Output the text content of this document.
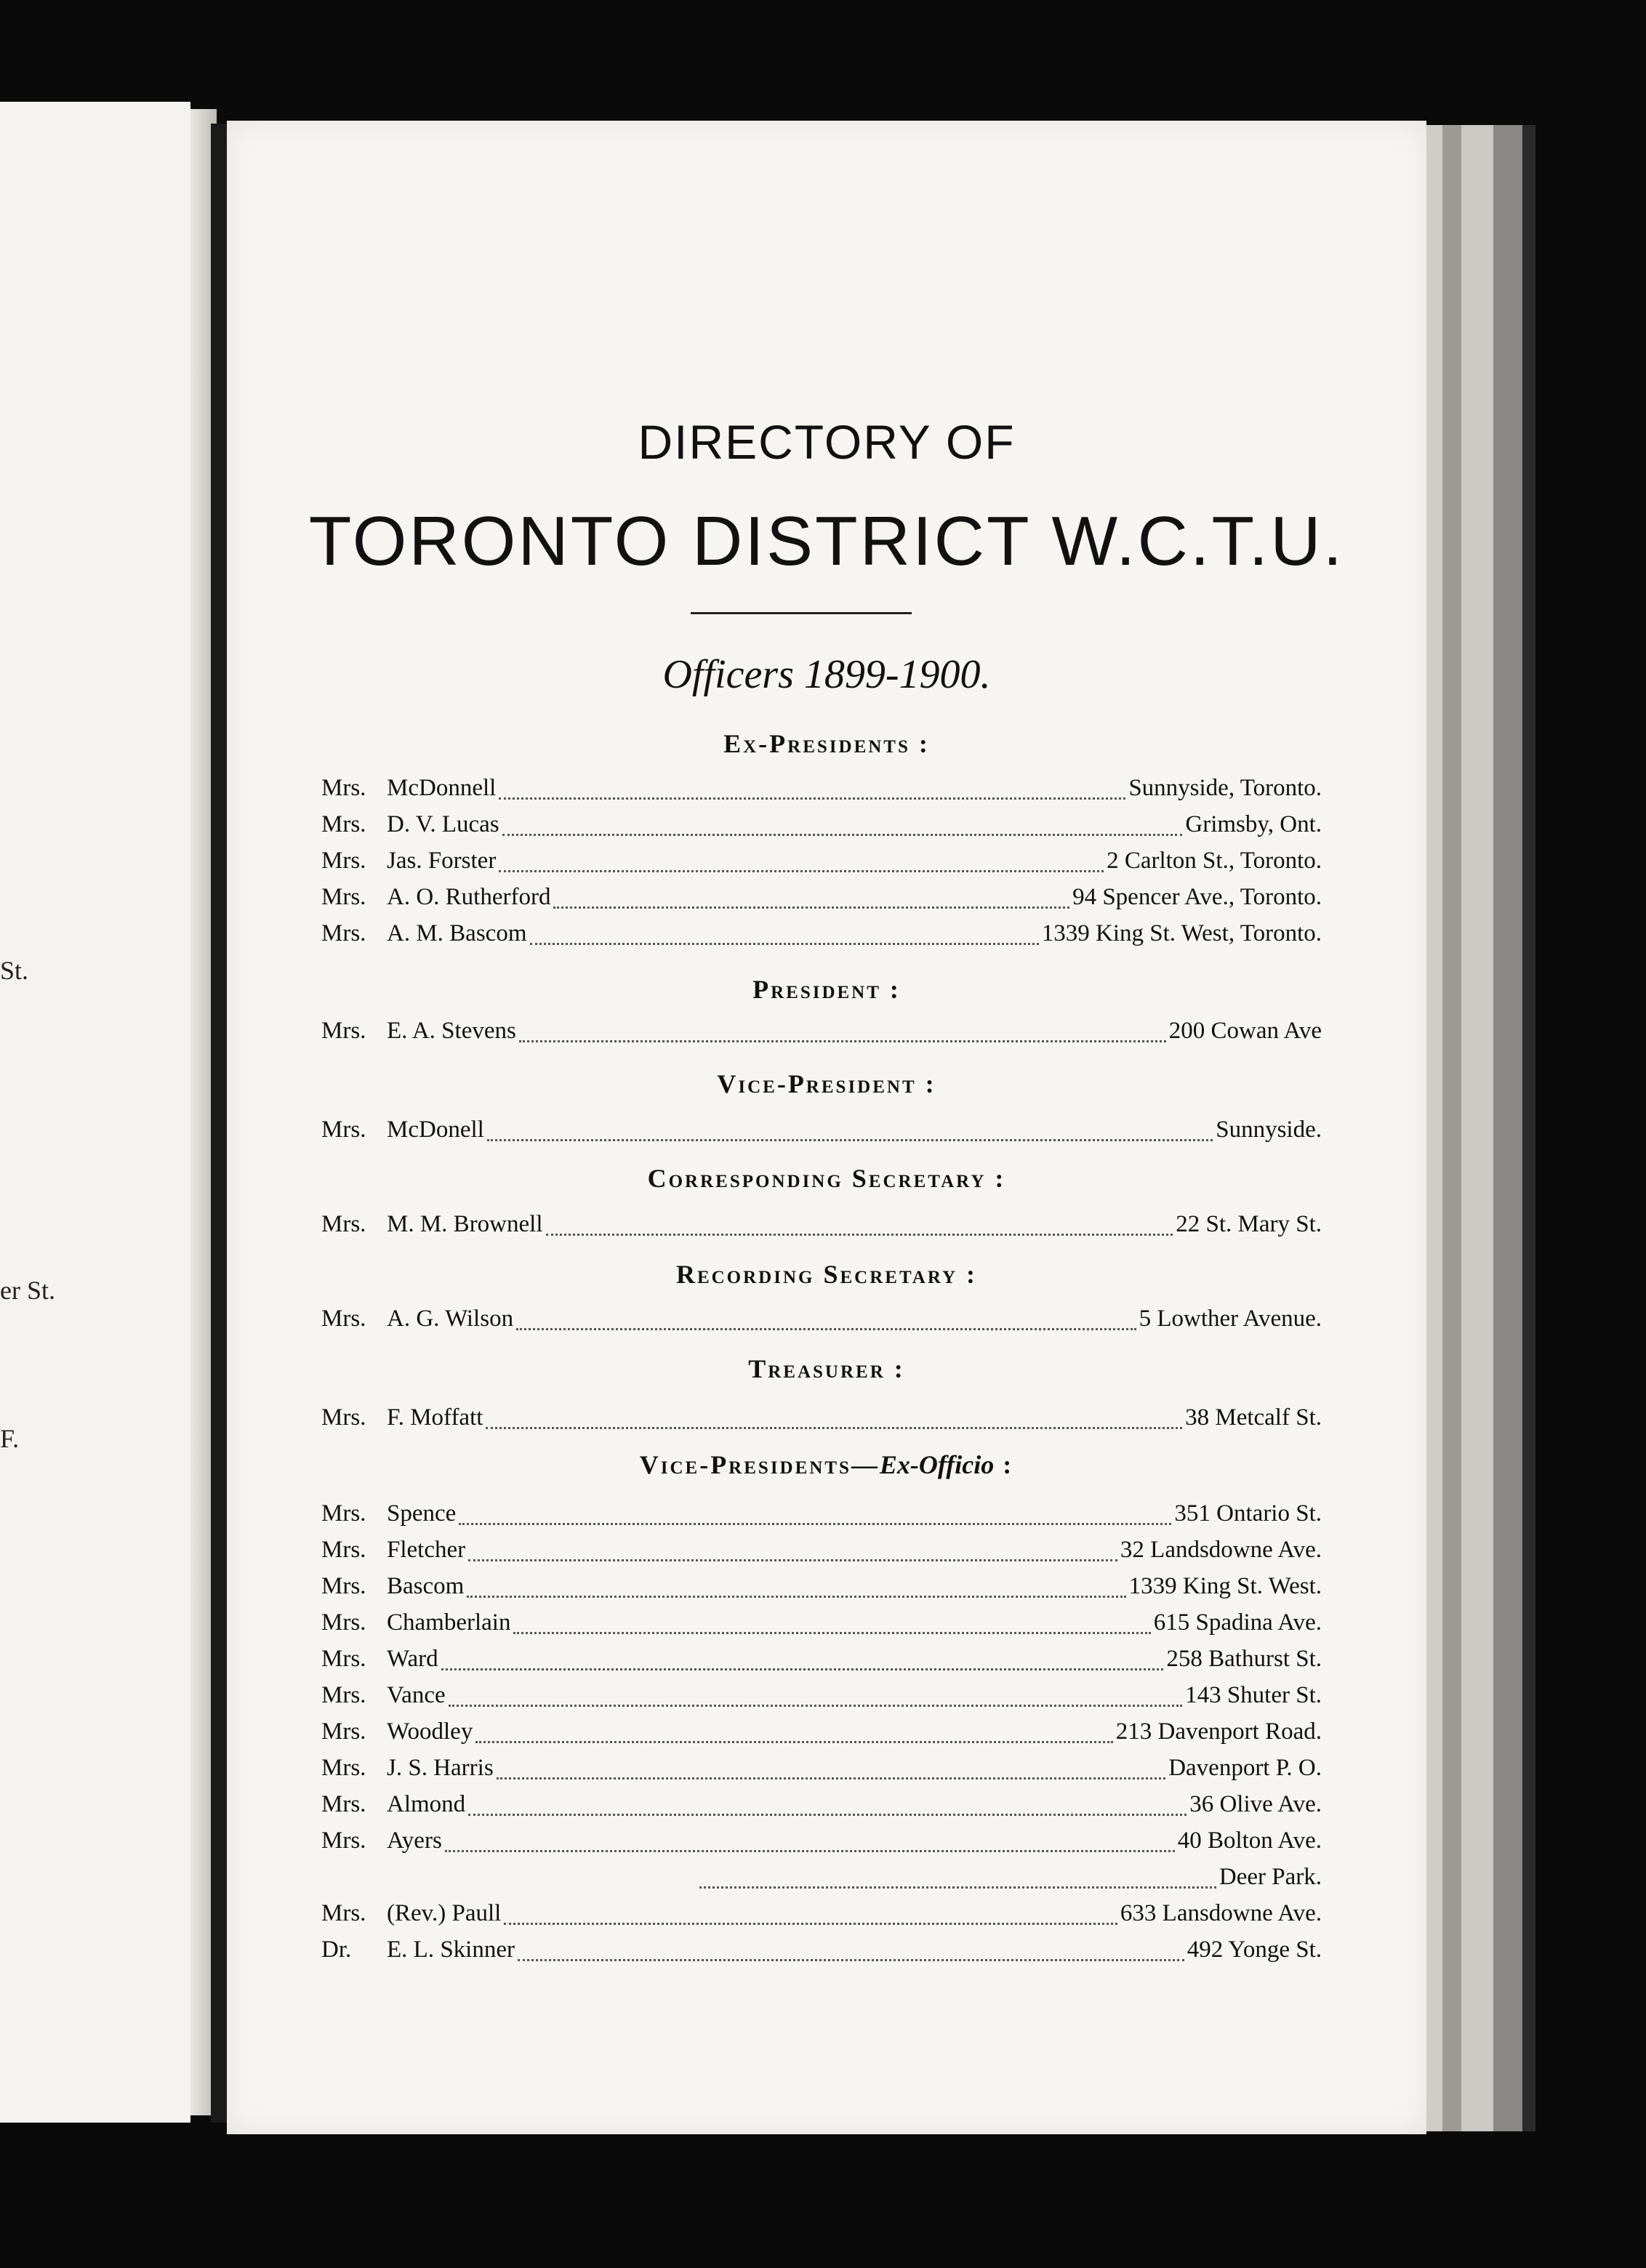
St.
er St.
F.
DIRECTORY OF
TORONTO DISTRICT W.C.T.U.
Officers 1899-1900.
Ex-Presidents :
Mrs. McDonnell	Sunnyside, Toronto.
Mrs. D. V. Lucas	Grimsby, Ont.
Mrs. Jas. Forster	2 Carlton St., Toronto.
Mrs. A. O. Rutherford	94 Spencer Ave., Toronto.
Mrs. A. M. Bascom	1339 King St. West, Toronto.
President :
Mrs. E. A. Stevens	200 Cowan Ave
Vice-President :
Mrs. McDonell	Sunnyside.
Corresponding Secretary :
Mrs. M. M. Brownell	22 St. Mary St.
Recording Secretary :
Mrs. A. G. Wilson	5 Lowther Avenue.
Treasurer :
Mrs. F. Moffatt	38 Metcalf St.
Vice-Presidents—Ex-Officio :
Mrs. Spence	351 Ontario St.
Mrs. Fletcher	32 Landsdowne Ave.
Mrs. Bascom	1339 King St. West.
Mrs. Chamberlain	615 Spadina Ave.
Mrs. Ward	258 Bathurst St.
Mrs. Vance	143 Shuter St.
Mrs. Woodley	213 Davenport Road.
Mrs. J. S. Harris	Davenport P. O.
Mrs. Almond	36 Olive Ave.
Mrs. Ayers	40 Bolton Ave.
Deer Park.
Mrs. (Rev.) Paull	633 Lansdowne Ave.
Dr.	E. L. Skinner	492 Yonge St.
